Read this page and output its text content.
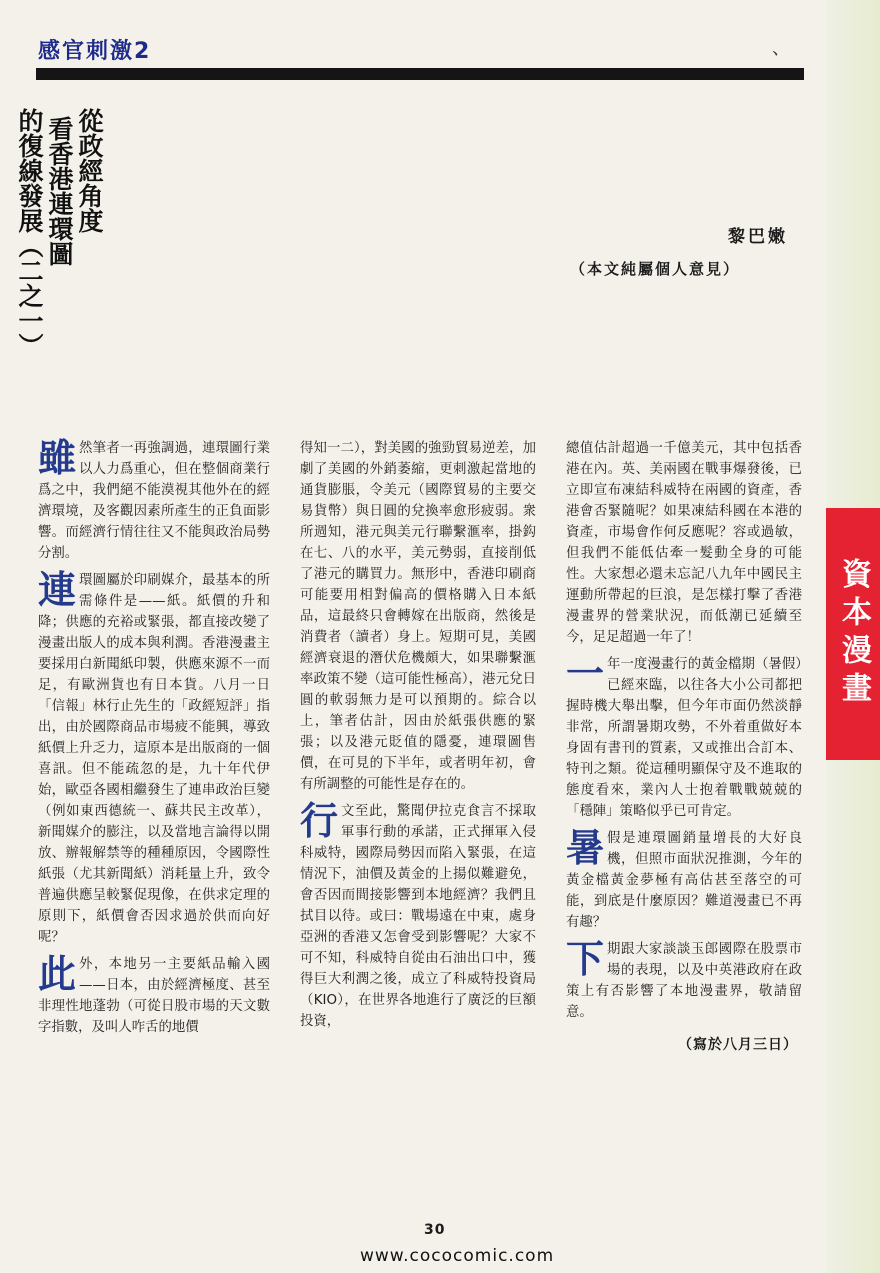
感官刺激2	、
從政經角度
看香港連環圖
的復線發展（二之一）	黎巴嫩
（本文純屬個人意見）

雖然筆者一再強調過，連環圖行業以人力爲重心，但在整個商業行爲之中，我們絕不能漠視其他外在的經濟環境，及客觀因素所產生的正負面影響。而經濟行情往往又不能與政治局勢分割。

連環圖屬於印刷媒介，最基本的所需條件是——紙。紙價的升和降；供應的充裕或緊張，都直接改變了漫畫出版人的成本與利潤。香港漫畫主要採用白新聞紙印製，供應來源不一而足，有歐洲貨也有日本貨。八月一日「信報」林行止先生的「政經短評」指出，由於國際商品市場疲不能興，導致紙價上升乏力，這原本是出版商的一個喜訊。但不能疏忽的是，九十年代伊始，歐亞各國相繼發生了連串政治巨變（例如東西德統一、蘇共民主改革），新聞媒介的膨注，以及當地言論得以開放、辦報解禁等的種種原因，令國際性紙張（尤其新聞紙）消耗量上升，致令普遍供應呈較緊促現像，在供求定理的原則下，紙價會否因求過於供而向好呢？

此外，本地另一主要紙品輸入國——日本，由於經濟極度、甚至非理性地蓬勃（可從日股市場的天文數字指數，及叫人咋舌的地價

得知一二），對美國的強勁貿易逆差，加劇了美國的外銷萎縮，更刺激起當地的通貨膨脹，令美元（國際貿易的主要交易貨幣）與日圓的兌換率愈形疲弱。衆所週知，港元與美元行聯繫滙率，掛鈎在七、八的水平，美元勢弱，直接削低了港元的購買力。無形中，香港印刷商可能要用相對偏高的價格購入日本紙品，這最終只會轉嫁在出版商，然後是消費者（讀者）身上。短期可見，美國經濟衰退的潛伏危機頗大，如果聯繫滙率政策不變（這可能性極高），港元兌日圓的軟弱無力是可以預期的。綜合以上，筆者估計，因由於紙張供應的緊張；以及港元貶值的隱憂，連環圖售價，在可見的下半年，或者明年初，會有所調整的可能性是存在的。

行文至此，驚聞伊拉克食言不採取軍事行動的承諾，正式揮軍入侵科威特，國際局勢因而陷入緊張，在這情況下，油價及黃金的上揚似難避免，會否因而間接影響到本地經濟？我們且拭目以待。或曰：戰場遠在中東，處身亞洲的香港又怎會受到影響呢？大家不可不知，科威特自從由石油出口中，獲得巨大利潤之後，成立了科威特投資局（KIO），在世界各地進行了廣泛的巨額投資，

總值估計超過一千億美元，其中包括香港在內。英、美兩國在戰事爆發後，已立即宣布凍結科威特在兩國的資產，香港會否緊隨呢？如果凍結科國在本港的資產，市場會作何反應呢？容或過敏，但我們不能低估牽一髮動全身的可能性。大家想必還未忘記八九年中國民主運動所帶起的巨浪，是怎樣打擊了香港漫畫界的營業狀況，而低潮已延續至今，足足超過一年了！

一年一度漫畫行的黃金檔期（暑假）已經來臨，以往各大小公司都把握時機大舉出擊，但今年市面仍然淡靜非常，所謂暑期攻勢，不外着重做好本身固有書刊的質素，又或推出合訂本、特刊之類。從這種明顯保守及不進取的態度看來，業內人士抱着戰戰兢兢的「穩陣」策略似乎已可肯定。

暑假是連環圖銷量增長的大好良機，但照市面狀況推測，今年的黃金檔黃金夢極有高估甚至落空的可能，到底是什麼原因？難道漫畫已不再有趣？

下期跟大家談談玉郎國際在股票市場的表現，以及中英港政府在政策上有否影響了本地漫畫界，敬請留意。

資本漫畫
（寫於八月三日）
30
www.cococomic.com
